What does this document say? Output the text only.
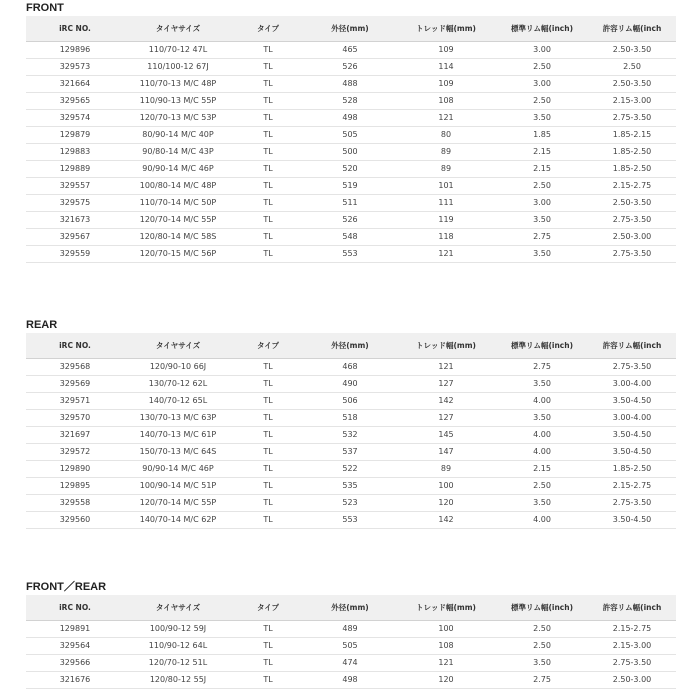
FRONT
iRC NO.	タイヤサイズ	タイプ	外径(mm)	トレッド幅(mm)	標準リム幅(inch)	許容リム幅(inch
129896	110/70-12 47L	TL	465	109	3.00	2.50-3.50
329573	110/100-12 67J	TL	526	114	2.50	2.50
321664	110/70-13 M/C 48P	TL	488	109	3.00	2.50-3.50
329565	110/90-13 M/C 55P	TL	528	108	2.50	2.15-3.00
329574	120/70-13 M/C 53P	TL	498	121	3.50	2.75-3.50
129879	80/90-14 M/C 40P	TL	505	80	1.85	1.85-2.15
129883	90/80-14 M/C 43P	TL	500	89	2.15	1.85-2.50
129889	90/90-14 M/C 46P	TL	520	89	2.15	1.85-2.50
329557	100/80-14 M/C 48P	TL	519	101	2.50	2.15-2.75
329575	110/70-14 M/C 50P	TL	511	111	3.00	2.50-3.50
321673	120/70-14 M/C 55P	TL	526	119	3.50	2.75-3.50
329567	120/80-14 M/C 58S	TL	548	118	2.75	2.50-3.00
329559	120/70-15 M/C 56P	TL	553	121	3.50	2.75-3.50
REAR
iRC NO.	タイヤサイズ	タイプ	外径(mm)	トレッド幅(mm)	標準リム幅(inch)	許容リム幅(inch
329568	120/90-10 66J	TL	468	121	2.75	2.75-3.50
329569	130/70-12 62L	TL	490	127	3.50	3.00-4.00
329571	140/70-12 65L	TL	506	142	4.00	3.50-4.50
329570	130/70-13 M/C 63P	TL	518	127	3.50	3.00-4.00
321697	140/70-13 M/C 61P	TL	532	145	4.00	3.50-4.50
329572	150/70-13 M/C 64S	TL	537	147	4.00	3.50-4.50
129890	90/90-14 M/C 46P	TL	522	89	2.15	1.85-2.50
129895	100/90-14 M/C 51P	TL	535	100	2.50	2.15-2.75
329558	120/70-14 M/C 55P	TL	523	120	3.50	2.75-3.50
329560	140/70-14 M/C 62P	TL	553	142	4.00	3.50-4.50
FRONT／REAR
iRC NO.	タイヤサイズ	タイプ	外径(mm)	トレッド幅(mm)	標準リム幅(inch)	許容リム幅(inch
129891	100/90-12 59J	TL	489	100	2.50	2.15-2.75
329564	110/90-12 64L	TL	505	108	2.50	2.15-3.00
329566	120/70-12 51L	TL	474	121	3.50	2.75-3.50
321676	120/80-12 55J	TL	498	120	2.75	2.50-3.00
